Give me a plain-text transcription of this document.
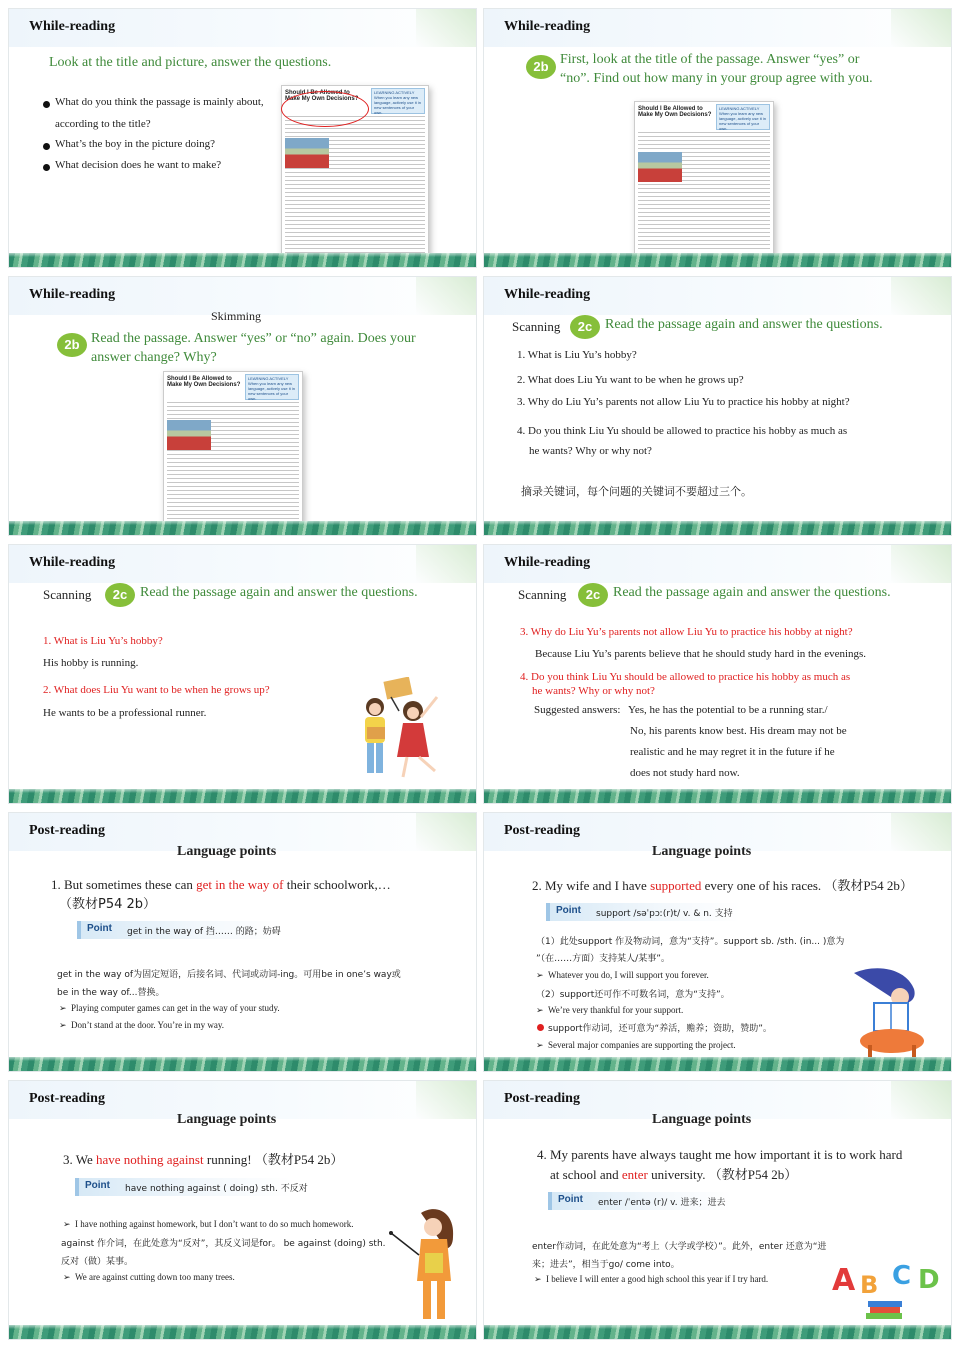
While-reading
Look at the title and picture, answer the questions.
What do you think the passage is mainly about,
according to the title?
What’s the boy in the picture doing?
What decision does he want to make?
Should I Be Allowed to Make My Own Decisions?
LEARNING ACTIVELY When you learn any new language, actively use it in new sentences of your own.
While-reading
2b First, look at the title of the passage. Answer “yes” or
“no”. Find out how many in your group agree with you.
Should I Be Allowed to Make My Own Decisions?
LEARNING ACTIVELY When you learn any new language, actively use it in new sentences of your own.
While-reading
Skimming
2b Read the passage. Answer “yes” or “no” again. Does your
answer change? Why?
Should I Be Allowed to Make My Own Decisions?
LEARNING ACTIVELY When you learn any new language, actively use it in new sentences of your own.
While-reading
Scanning	2c Read the passage again and answer the questions.
1. What is Liu Yu’s hobby?
2. What does Liu Yu want to be when he grows up?
3. Why do Liu Yu’s parents not allow Liu Yu to practice his hobby at night?
4. Do you think Liu Yu should be allowed to practice his hobby as much as
he wants? Why or why not?
摘录关键词，每个问题的关键词不要超过三个。
While-reading
Scanning	2c Read the passage again and answer the questions.
1. What is Liu Yu’s hobby?
His hobby is running.
2. What does Liu Yu want to be when he grows up?
He wants to be a professional runner.
While-reading
Scanning	2c Read the passage again and answer the questions.
3. Why do Liu Yu’s parents not allow Liu Yu to practice his hobby at night?
Because Liu Yu’s parents believe that he should study hard in the evenings.
4. Do you think Liu Yu should be allowed to practice his hobby as much as
he wants? Why or why not?
Suggested answers: Yes, he has the potential to be a running star./
No, his parents know best. His dream may not be
realistic and he may regret it in the future if he
does not study hard now.
Post-reading
Language points
1. But sometimes these can get in the way of their schoolwork,…
（教材P54 2b）
Point get in the way of 挡…… 的路；妨碍
get in the way of为固定短语，后接名词、代词或动词-ing。可用be in one’s way或
be in the way of...替换。
➢ Playing computer games can get in the way of your study.
➢ Don’t stand at the door. You’re in my way.
Post-reading
Language points
2. My wife and I have supported every one of his races. （教材P54 2b）
Point support /səˈpɔː(r)t/ v. & n. 支持
（1）此处support 作及物动词，意为“支持”。support sb. /sth. (in... )意为
”（在……方面）支持某人/某事”。
➢ Whatever you do, I will support you forever.
（2）support还可作不可数名词，意为“支持”。
➢ We’re very thankful for your support.
support作动词，还可意为“养活，赡养；资助，赞助”。
➢ Several major companies are supporting the project.
Post-reading
Language points
3. We have nothing against running! （教材P54 2b）
Point have nothing against ( doing) sth. 不反对
➢ I have nothing against homework, but I don’t want to do so much homework.
against 作介词，在此处意为“反对”，其反义词是for。 be against (doing) sth.
反对（做）某事。
➢ We are against cutting down too many trees.
Post-reading
Language points
4. My parents have always taught me how important it is to work hard
at school and enter university. （教材P54 2b）
Point enter /ˈentə (r)/ v. 进来；进去
enter作动词，在此处意为“考上（大学或学校）”。此外，enter 还意为“进
来；进去”，相当于go/ come into。
➢ I believe I will enter a good high school this year if I try hard. A B C D
